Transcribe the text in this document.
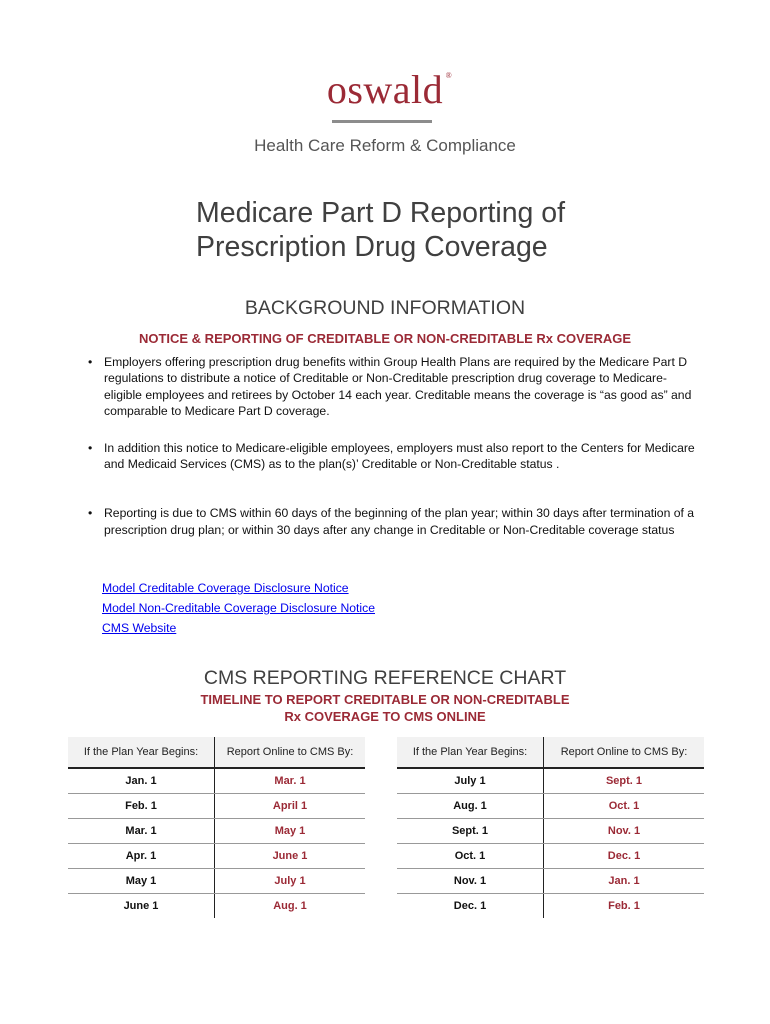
oswald ®
Health Care Reform & Compliance
Medicare Part D Reporting of
Prescription Drug Coverage
BACKGROUND INFORMATION
NOTICE & REPORTING OF CREDITABLE OR NON-CREDITABLE Rx COVERAGE
• Employers offering prescription drug benefits within Group Health Plans are required by the Medicare Part D regulations to distribute a notice of Creditable or Non-Creditable prescription drug coverage to Medicare-eligible employees and retirees by October 14 each year. Creditable means the coverage is “as good as” and comparable to Medicare Part D coverage.
• In addition this notice to Medicare-eligible employees, employers must also report to the Centers for Medicare and Medicaid Services (CMS) as to the plan(s)’ Creditable or Non-Creditable status .
• Reporting is due to CMS within 60 days of the beginning of the plan year; within 30 days after termination of a prescription drug plan; or within 30 days after any change in Creditable or Non-Creditable coverage status
Model Creditable Coverage Disclosure Notice
Model Non-Creditable Coverage Disclosure Notice
CMS Website
CMS REPORTING REFERENCE CHART
TIMELINE TO REPORT CREDITABLE OR NON-CREDITABLE
Rx COVERAGE TO CMS ONLINE
If the Plan Year Begins:	Report Online to CMS By:		If the Plan Year Begins:	Report Online to CMS By:
Jan. 1	Mar. 1		July 1	Sept. 1
Feb. 1	April 1		Aug. 1	Oct. 1
Mar. 1	May 1		Sept. 1	Nov. 1
Apr. 1	June 1		Oct. 1	Dec. 1
May 1	July 1		Nov. 1	Jan. 1
June 1	Aug. 1		Dec. 1	Feb. 1
